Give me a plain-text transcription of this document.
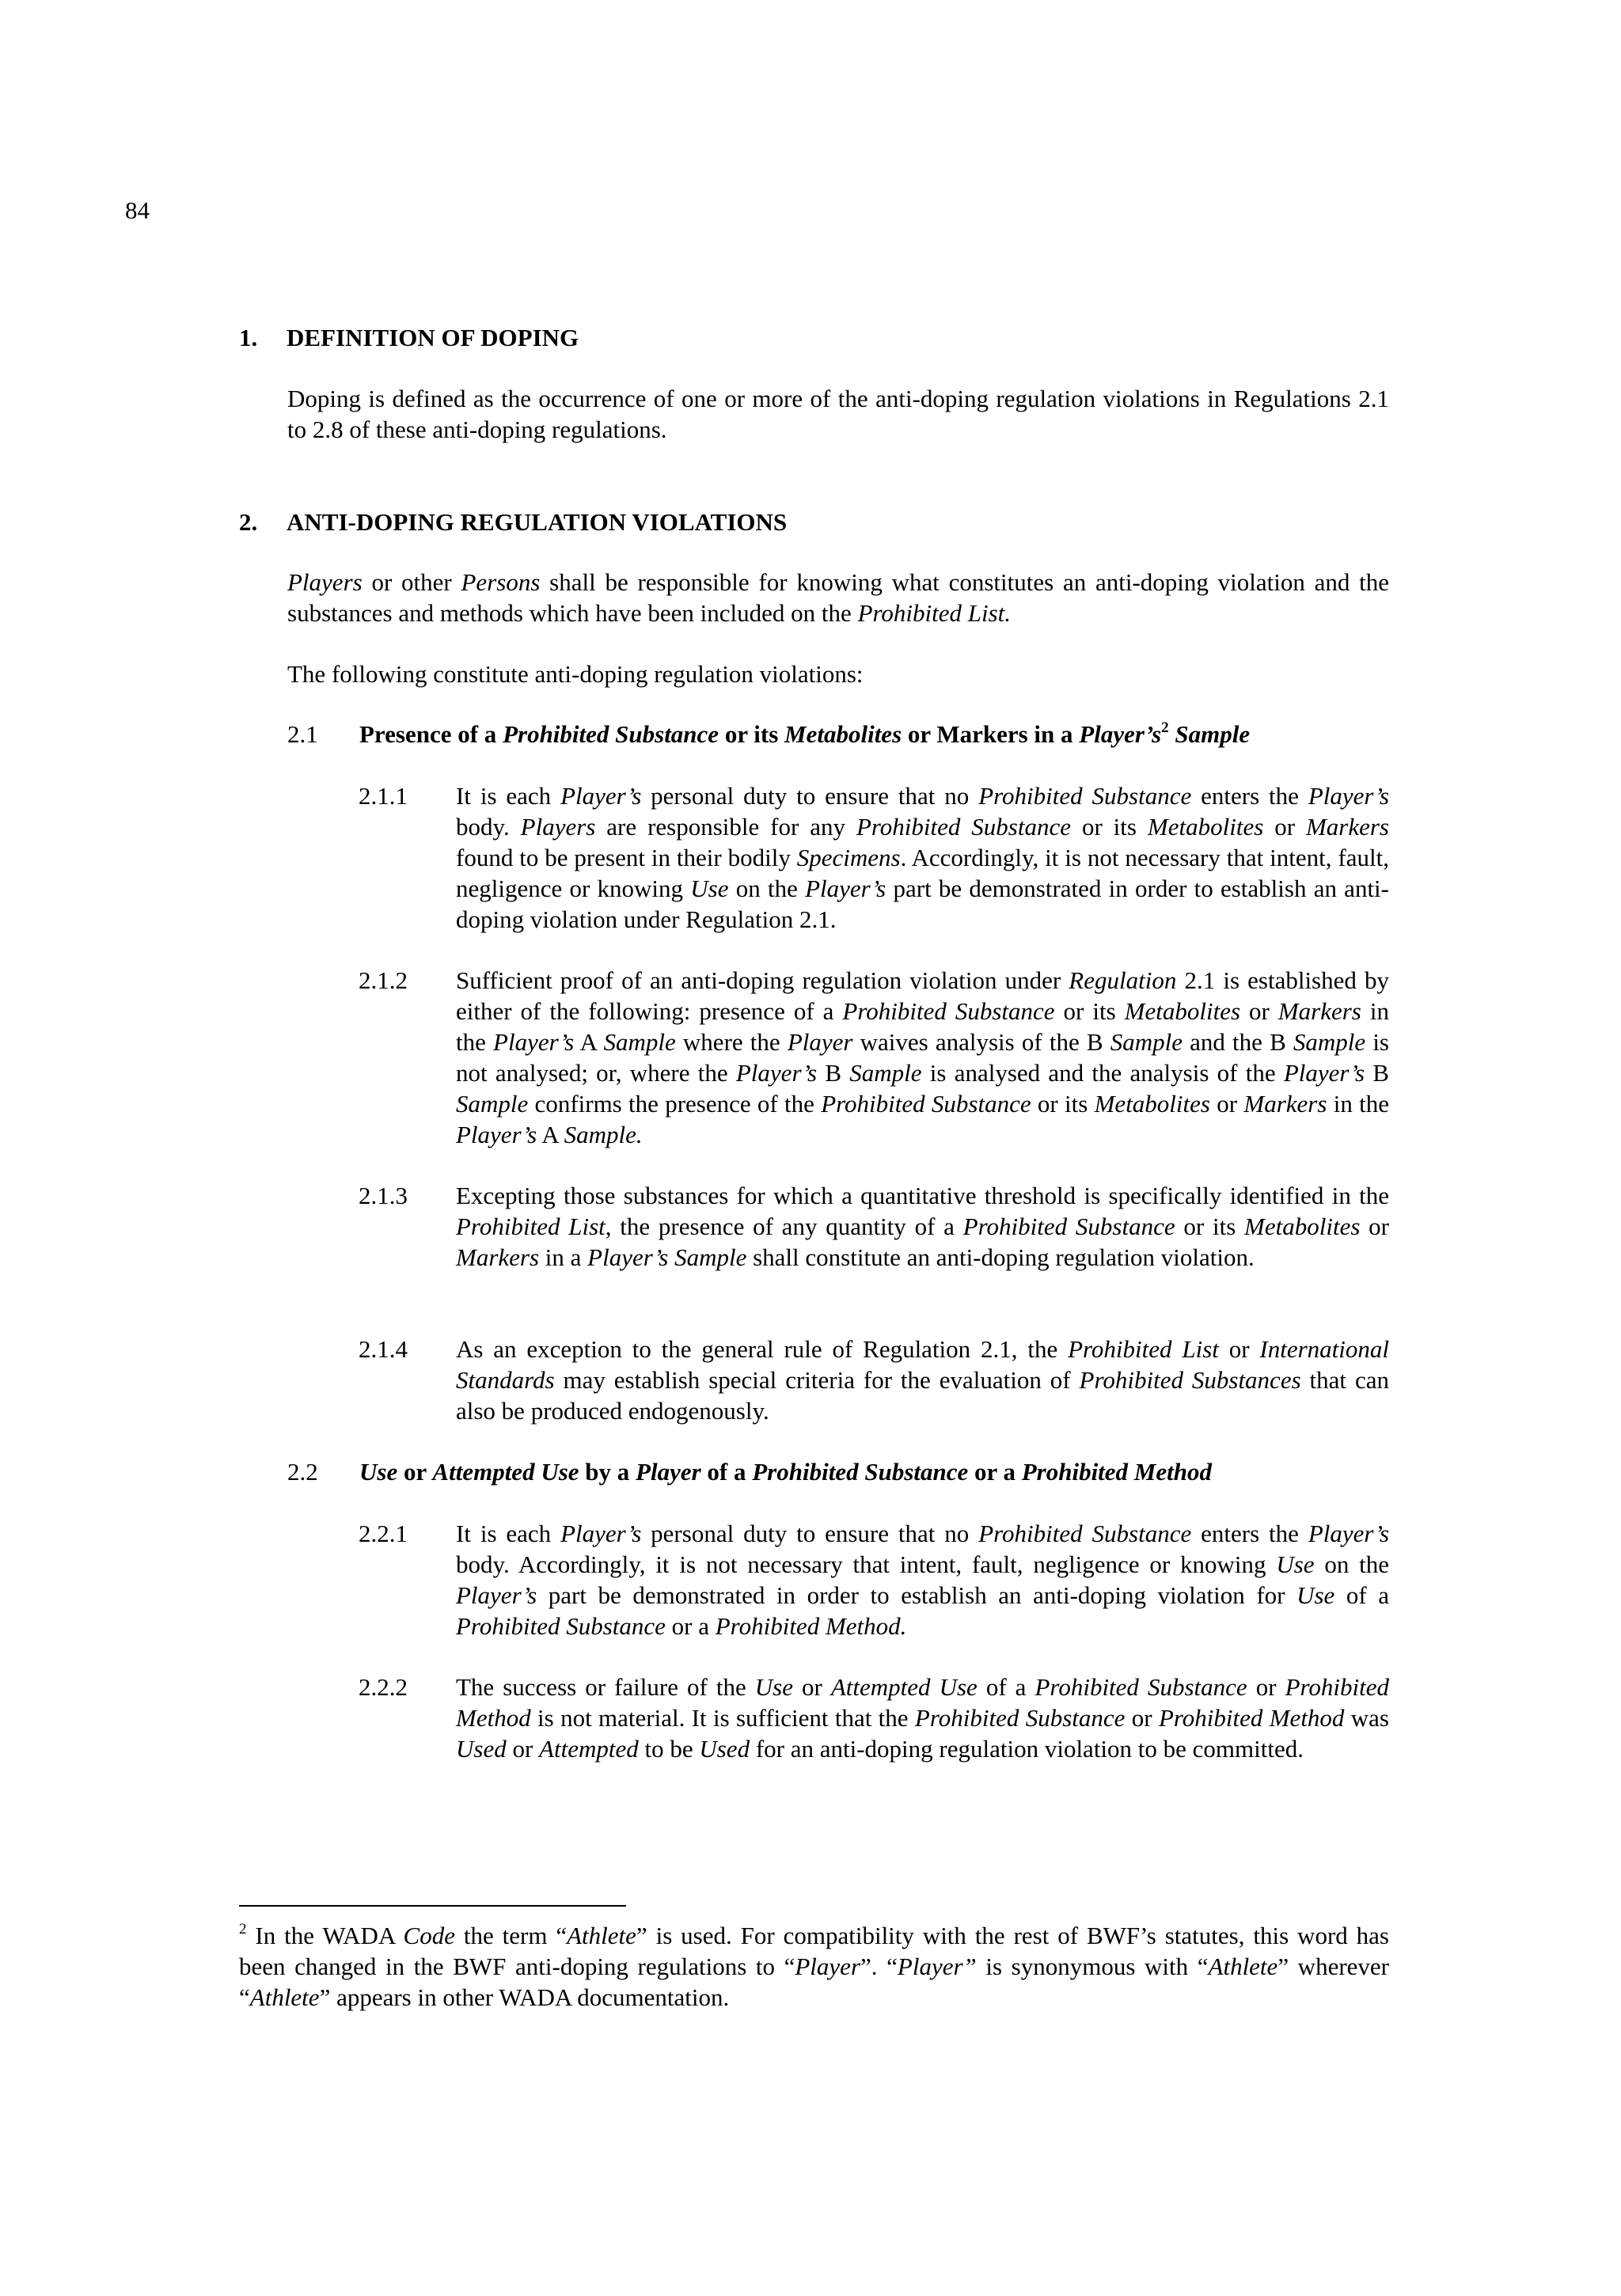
84
1. DEFINITION OF DOPING
Doping is defined as the occurrence of one or more of the anti-doping regulation violations in Regulations 2.1 to 2.8 of these anti-doping regulations.
2. ANTI-DOPING REGULATION VIOLATIONS
Players or other Persons shall be responsible for knowing what constitutes an anti-doping violation and the substances and methods which have been included on the Prohibited List.
The following constitute anti-doping regulation violations:
2.1 Presence of a Prohibited Substance or its Metabolites or Markers in a $Player’s^2$ Sample
2.1.1 It is each Player’s personal duty to ensure that no Prohibited Substance enters the Player’s body. Players are responsible for any Prohibited Substance or its Metabolites or Markers found to be present in their bodily Specimens. Accordingly, it is not necessary that intent, fault, negligence or knowing Use on the Player’s part be demonstrated in order to establish an anti-doping violation under Regulation 2.1.
2.1.2 Sufficient proof of an anti-doping regulation violation under Regulation 2.1 is established by either of the following: presence of a Prohibited Substance or its Metabolites or Markers in the Player’s A Sample where the Player waives analysis of the B Sample and the B Sample is not analysed; or, where the Player’s B Sample is analysed and the analysis of the Player’s B Sample confirms the presence of the Prohibited Substance or its Metabolites or Markers in the Player’s A Sample.
2.1.3 Excepting those substances for which a quantitative threshold is specifically identified in the Prohibited List, the presence of any quantity of a Prohibited Substance or its Metabolites or Markers in a Player’s Sample shall constitute an anti-doping regulation violation.
2.1.4 As an exception to the general rule of Regulation 2.1, the Prohibited List or International Standards may establish special criteria for the evaluation of Prohibited Substances that can also be produced endogenously.
2.2 Use or Attempted Use by a Player of a Prohibited Substance or a Prohibited Method
2.2.1 It is each Player’s personal duty to ensure that no Prohibited Substance enters the Player’s body. Accordingly, it is not necessary that intent, fault, negligence or knowing Use on the Player’s part be demonstrated in order to establish an anti-doping violation for Use of a Prohibited Substance or a Prohibited Method.
2.2.2 The success or failure of the Use or Attempted Use of a Prohibited Substance or Prohibited Method is not material. It is sufficient that the Prohibited Substance or Prohibited Method was Used or Attempted to be Used for an anti-doping regulation violation to be committed.
$^2$ In the WADA Code the term “Athlete” is used. For compatibility with the rest of BWF’s statutes, this word has been changed in the BWF anti-doping regulations to “Player”. “Player” is synonymous with “Athlete” wherever “Athlete” appears in other WADA documentation.
